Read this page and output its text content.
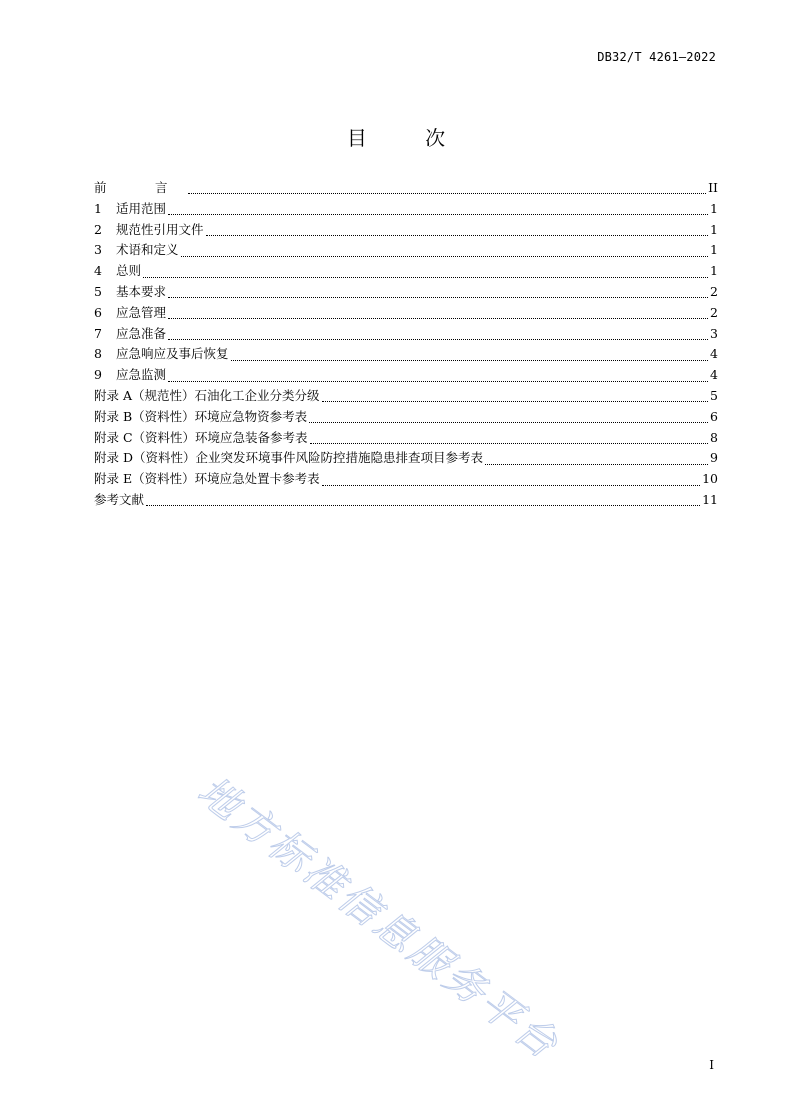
DB32/T 4261—2022
目 次
前　言	II
1	适用范围	1
2	规范性引用文件	1
3	术语和定义	1
4	总则	1
5	基本要求	2
6	应急管理	2
7	应急准备	3
8	应急响应及事后恢复	4
9	应急监测	4
附录 A（规范性）石油化工企业分类分级	5
附录 B（资料性）环境应急物资参考表	6
附录 C（资料性）环境应急装备参考表	8
附录 D（资料性）企业突发环境事件风险防控措施隐患排查项目参考表	9
附录 E（资料性）环境应急处置卡参考表	10
参考文献	11
地方标准信息服务平台	I
